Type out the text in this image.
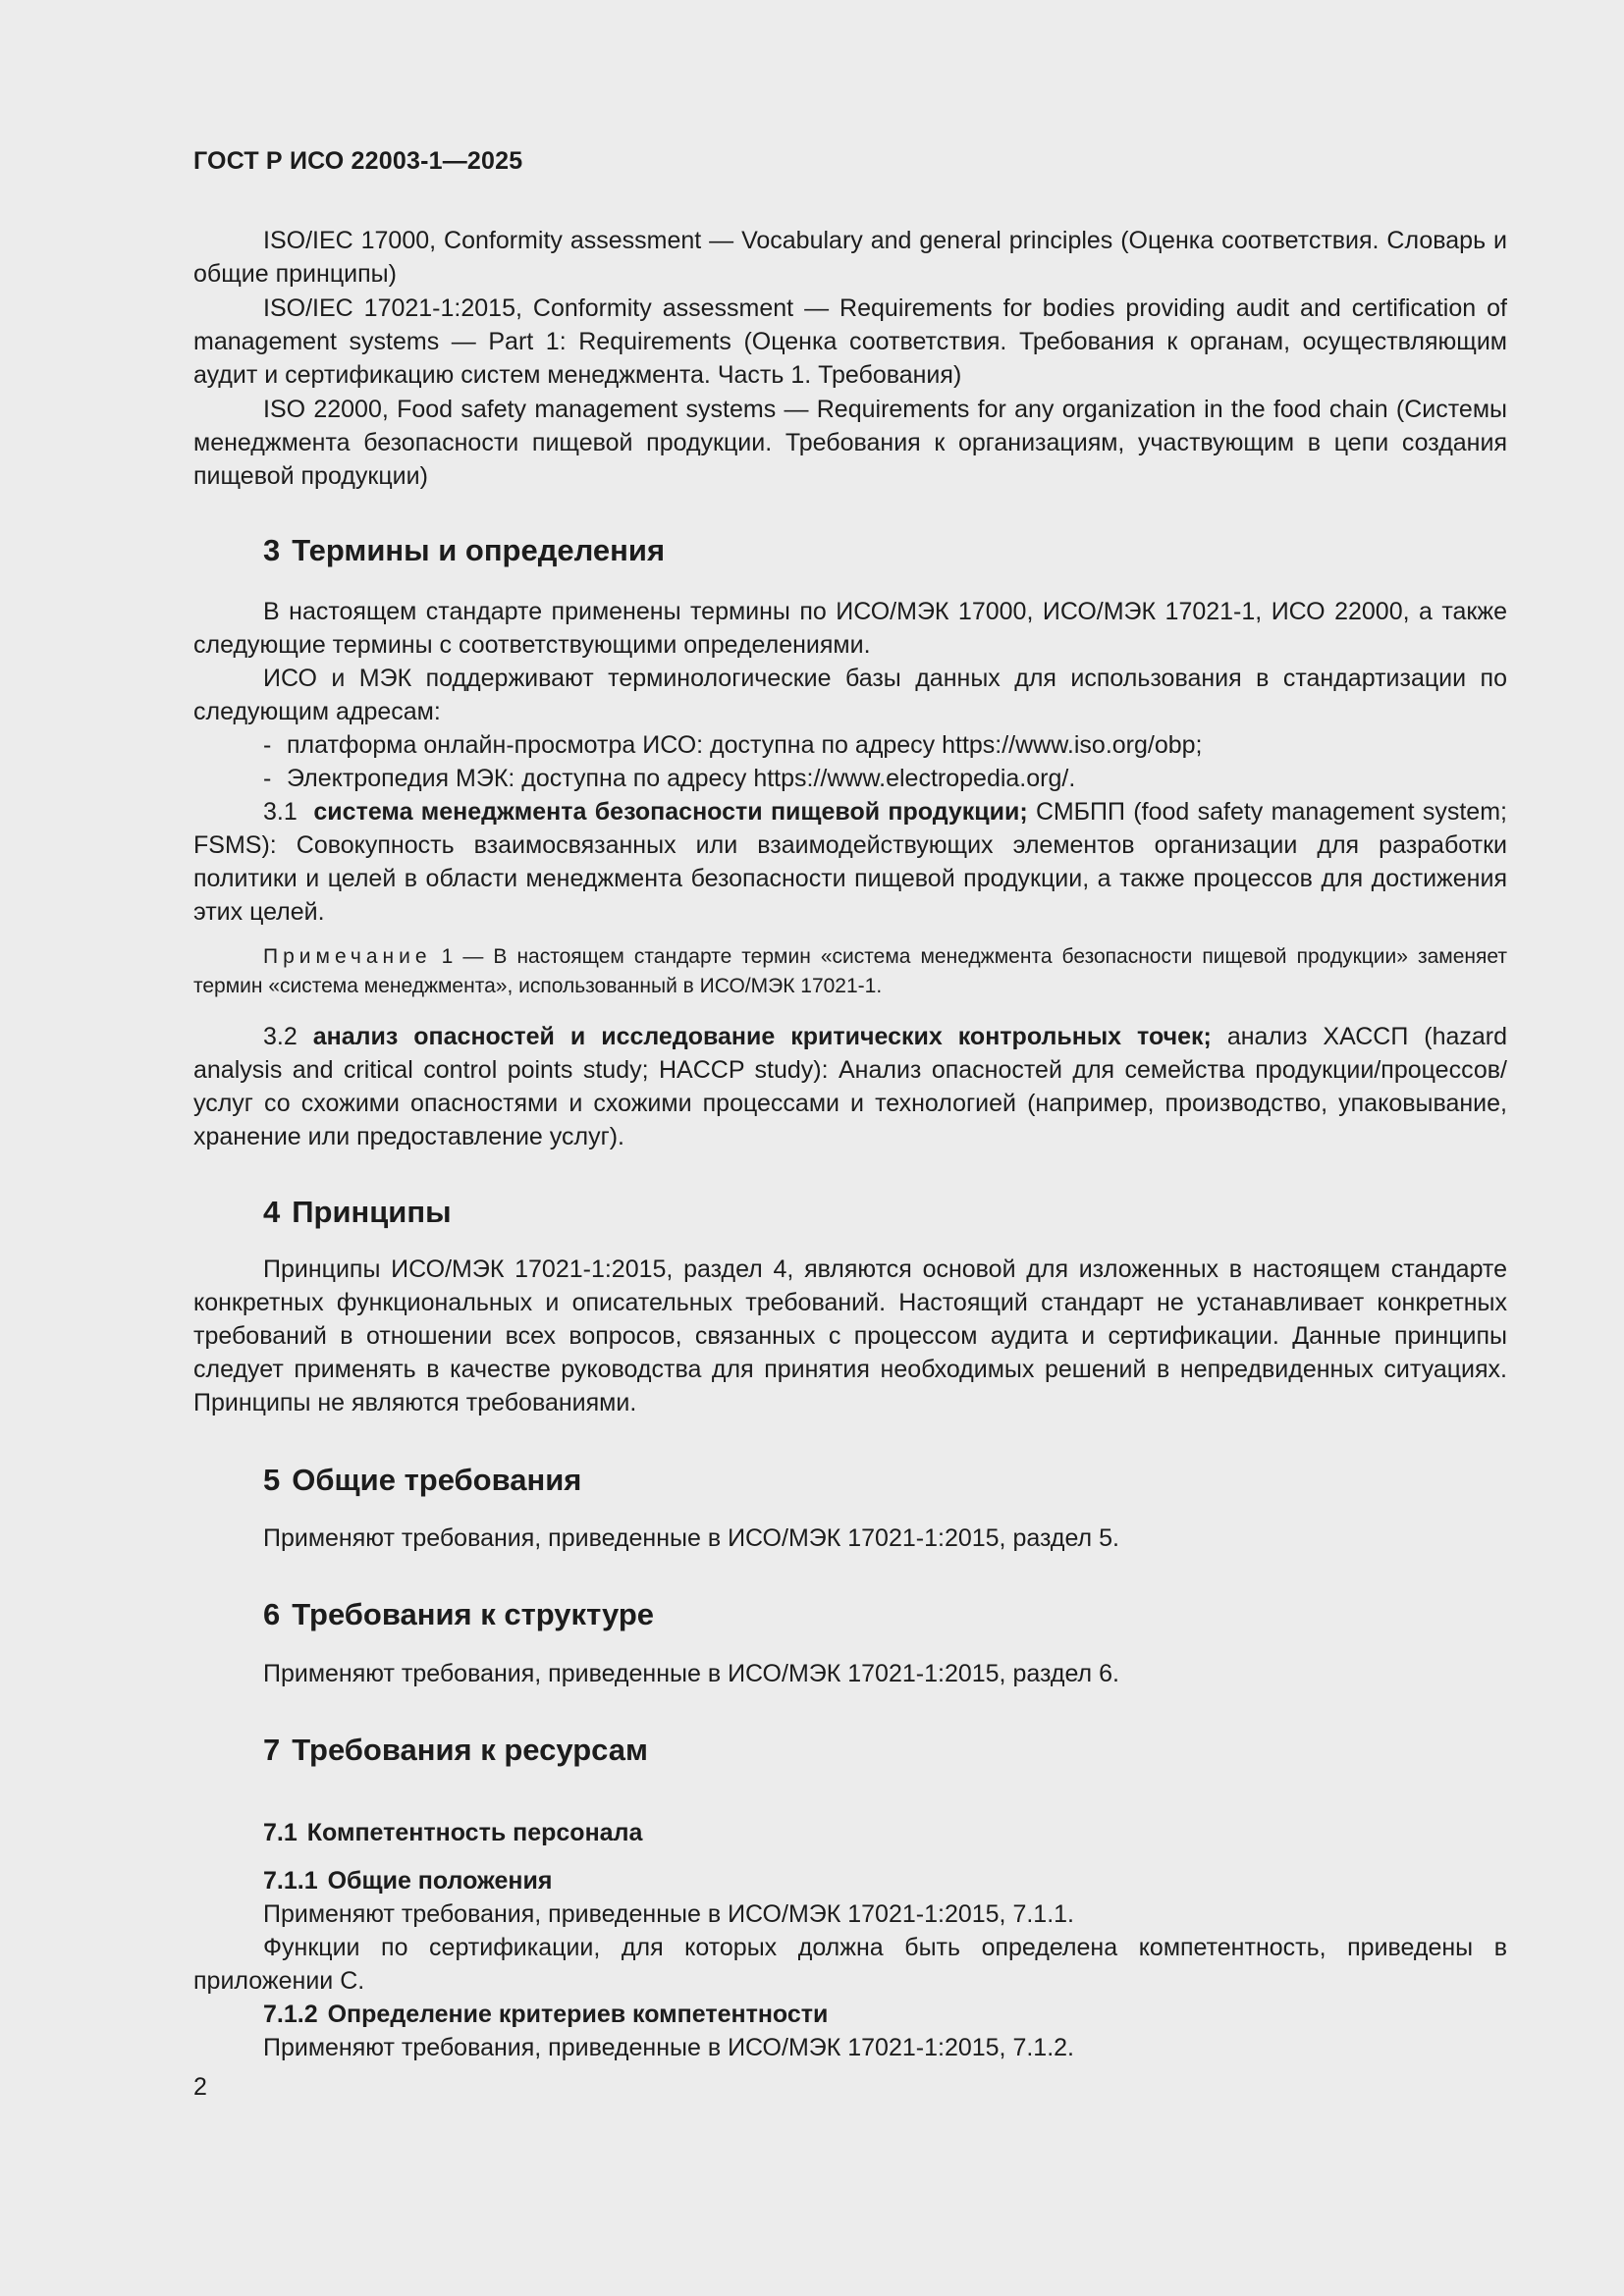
ГОСТ Р ИСО 22003-1—2025

ISO/IEC 17000, Conformity assessment — Vocabulary and general principles (Оценка соответствия. Словарь и общие принципы)

ISO/IEC 17021-1:2015, Conformity assessment — Requirements for bodies providing audit and certification of management systems — Part 1: Requirements (Оценка соответствия. Требования к органам, осуществляющим аудит и сертификацию систем менеджмента. Часть 1. Требования)

ISO 22000, Food safety management systems — Requirements for any organization in the food chain (Системы менеджмента безопасности пищевой продукции. Требования к организациям, участвующим в цепи создания пищевой продукции)

3 Термины и определения

В настоящем стандарте применены термины по ИСО/МЭК 17000, ИСО/МЭК 17021-1, ИСО 22000, а также следующие термины с соответствующими определениями.

ИСО и МЭК поддерживают терминологические базы данных для использования в стандартизации по следующим адресам:

- платформа онлайн-просмотра ИСО: доступна по адресу https://www.iso.org/obp;

- Электропедия МЭК: доступна по адресу https://www.electropedia.org/.

3.1 система менеджмента безопасности пищевой продукции; СМБПП (food safety management system; FSMS): Совокупность взаимосвязанных или взаимодействующих элементов организации для разработки политики и целей в области менеджмента безопасности пищевой продукции, а также процессов для достижения этих целей.

Примечание 1 — В настоящем стандарте термин «система менеджмента безопасности пищевой продукции» заменяет термин «система менеджмента», использованный в ИСО/МЭК 17021-1.

3.2 анализ опасностей и исследование критических контрольных точек; анализ ХАССП (hazard analysis and critical control points study; HACCP study): Анализ опасностей для семейства продукции/процессов/услуг со схожими опасностями и схожими процессами и технологией (например, производство, упаковывание, хранение или предоставление услуг).

4 Принципы

Принципы ИСО/МЭК 17021-1:2015, раздел 4, являются основой для изложенных в настоящем стандарте конкретных функциональных и описательных требований. Настоящий стандарт не устанавливает конкретных требований в отношении всех вопросов, связанных с процессом аудита и сертификации. Данные принципы следует применять в качестве руководства для принятия необходимых решений в непредвиденных ситуациях. Принципы не являются требованиями.

5 Общие требования

Применяют требования, приведенные в ИСО/МЭК 17021-1:2015, раздел 5.

6 Требования к структуре

Применяют требования, приведенные в ИСО/МЭК 17021-1:2015, раздел 6.

7 Требования к ресурсам
7.1 Компетентность персонала
7.1.1 Общие положения

Применяют требования, приведенные в ИСО/МЭК 17021-1:2015, 7.1.1.

Функции по сертификации, для которых должна быть определена компетентность, приведены в приложении С.

7.1.2 Определение критериев компетентности

Применяют требования, приведенные в ИСО/МЭК 17021-1:2015, 7.1.2.

2
